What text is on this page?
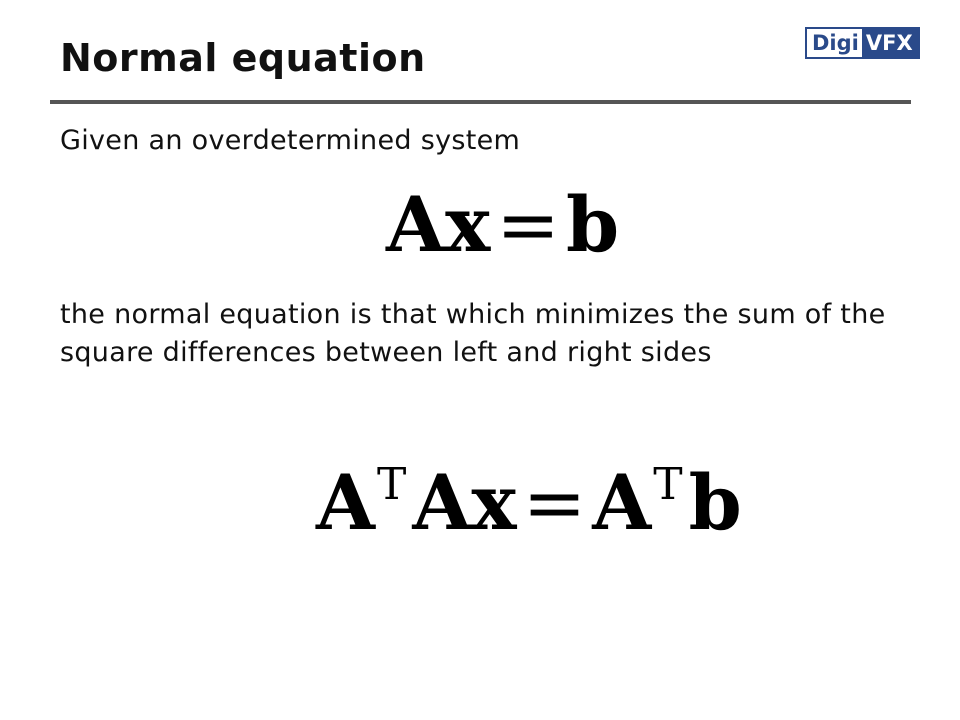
Normal equation	Digi VFX
Given an overdetermined system
Ax=b
the normal equation is that which minimizes the sum of the square differences between left and right sides
$A^TAx=A^Tb$
